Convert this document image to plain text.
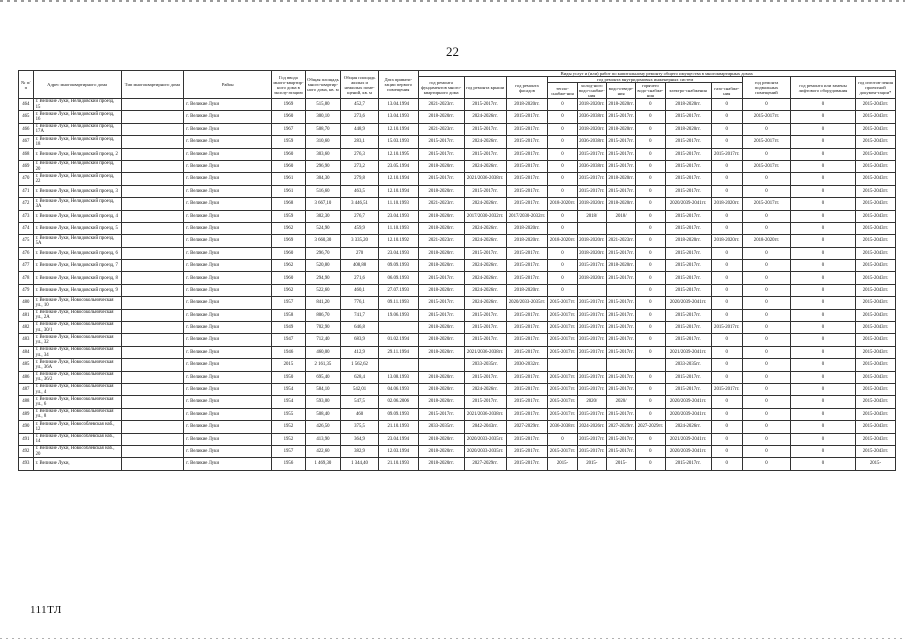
22
№ п/п	Адрес многоквартирного дома	Тип многоквартирного дома	Район	Год ввода много-квартир-ного дома в эксплу-атацию	Общая площадь много-квартир-ного дома, кв. м	Общая площадь жилых и нежилых поме-щений, кв. м	Дата привати-зации первого помещения	Виды услуг и (или) работ по капитальному ремонту общего имущества в многоквартирных домах											
								год ремонта фундаментов много-квартирного дома	год ремонта крыши	год ремонта фасадов	год ремонта внутридомовых инженерных систем						год ремонта подвальных помещений	год ремонта или замены лифтового оборудования	год изготов-ления проектной докумен-тации*
											тепло-снабже-ния	холод-ного водо-снабже-ния	водо-отведе-ния	горячего водо-снабже-ния	электро-снабжения	газо-снабже-ния			
464	г. Великие Луки, Нелидовский проезд, 15		г. Великие Луки	1969	515,80	452,7	13.04.1994	2021-2023гг.	2015-2017гг.	2018-2020гг.	0	2018-2020гг.	2018-2020гг.	0	2018-2020гг.	0	0	0	2015-2043гг.
465	г. Великие Луки, Нелидовский проезд, 16		г. Великие Луки	1960	300,10	273,6	13.04.1993	2018-2020гг.	2024-2026гг.	2015-2017гг.	0	2036-2038гг.	2015-2017гг.	0	2015-2017гг.	0	2015-2017гг.	0	2015-2043гг.
466	г. Великие Луки, Нелидовский проезд, 17А		г. Великие Луки	1967	508,70	448,9	12.10.1994	2021-2023гг.	2015-2017гг.	2015-2017гг.	0	2018-2020гг.	2018-2020гг.	0	2018-2020гг.	0	0	0	2015-2043гг.
467	г. Великие Луки, Нелидовский проезд, 18		г. Великие Луки	1959	310,60	283,1	15.03.1993	2015-2017гг.	2024-2026гг.	2015-2017гг.	0	2036-2038гг.	2015-2017гг.	0	2015-2017гг.	0	2015-2017гг.	0	2015-2043гг.
468	г. Великие Луки, Нелидовский проезд, 2		г. Великие Луки	1960	303,60	276,3	12.10.1995	2015-2017гг.	2015-2017гг.	2015-2017гг.	0	2015-2017гг.	2015-2017гг.	0	2015-2017гг.	2015-2017гг.	0	0	2015-2043гг.
469	г. Великие Луки, Нелидовский проезд, 20		г. Великие Луки	1960	296,90	273,2	23.05.1994	2018-2020гг.	2024-2026гг.	2015-2017гг.	0	2036-2038гг.	2015-2017гг.	0	2015-2017гг.	0	2015-2017гг.	0	2015-2043гг.
470	г. Великие Луки, Нелидовский проезд, 22		г. Великие Луки	1961	304,30	279,8	12.10.1994	2015-2017гг.	2021/2036-2038гг.	2015-2017гг.	0	2015-2017гг.	2018-2020гг.	0	2015-2017гг.	0	0	0	2015-2043гг.
471	г. Великие Луки, Нелидовский проезд, 3		г. Великие Луки	1961	516,60	463,5	12.10.1994	2018-2020гг.	2015-2017гг.	2015-2017гг.	0	2015-2017гг.	2015-2017гг.	0	2015-2017гг.	0	0	0	2015-2043гг.
472	г. Великие Луки, Нелидовский проезд, 3А		г. Великие Луки	1968	3 667,10	3 446,51	11.10.1993	2021-2023гг.	2024-2026гг.	2015-2017гг.	2018-2020гг.	2018-2020гг.	2018-2020гг.	0	2020/2039-2041гг.	2018-2020гг.	2015-2017гг.	0	2015-2043гг.
473	г. Великие Луки, Нелидовский проезд, 4		г. Великие Луки	1959	302,30	276,7	23.04.1993	2018-2020гг.	2017/2030-2032гг.	2017/2030-2032гг.	0	2018/	2018/	0	2015-2017гг.	0	0	0	2015-2043гг.
474	г. Великие Луки, Нелидовский проезд, 5		г. Великие Луки	1962	524,90	459,9	11.10.1993	2018-2020гг.	2024-2026гг.	2018-2020гг.	0			0	2015-2017гг.	0	0	0	2015-2043гг.
475	г. Великие Луки, Нелидовский проезд, 5А		г. Великие Луки	1969	3 660,30	3 335,20	12.10.1992	2021-2023гг.	2024-2026гг.	2018-2020гг.	2018-2020гг.	2018-2020гг.	2021-2023гг.	0	2018-2020гг.	2018-2020гг.	2018-2020гг.	0	2015-2043гг.
476	г. Великие Луки, Нелидовский проезд, 6		г. Великие Луки	1960	296,70	270	23.04.1993	2018-2020гг.	2015-2017гг.	2015-2017гг.	0	2018-2020гг.	2015-2017гг.	0	2015-2017гг.	0	0	0	2015-2043гг.
477	г. Великие Луки, Нелидовский проезд, 7		г. Великие Луки	1962	520,80	408,88	09.09.1993	2018-2020гг.	2024-2026гг.	2015-2017гг.	0	2015-2017гг.	2018-2020гг.	0	2015-2017гг.	0	0	0	2015-2043гг.
478	г. Великие Луки, Нелидовский проезд, 8		г. Великие Луки	1960	294,90	271,6	06.09.1993	2015-2017гг.	2024-2026гг.	2015-2017гг.	0	2018-2020гг.	2015-2017гг.	0	2015-2017гг.	0	0	0	2015-2043гг.
479	г. Великие Луки, Нелидовский проезд, 9		г. Великие Луки	1962	522,60	460,1	27.07.1993	2018-2020гг.	2024-2026гг.	2018-2020гг.	0			0	2015-2017гг.	0	0	0	2015-2043гг.
480	г. Великие Луки, Новосокольническая ул., 10		г. Великие Луки	1957	841,20	776,1	09.11.1993	2015-2017гг.	2024-2026гг.	2020/2033-2035гг.	2015-2017гг.	2015-2017гг.	2015-2017гг.	0	2020/2039-2041гг.	0	0	0	2015-2043гг.
481	г. Великие Луки, Новосокольническая ул., 2А		г. Великие Луки	1958	806,70	741,7	19.06.1993	2015-2017гг.	2015-2017гг.	2015-2017гг.	2015-2017гг.	2015-2017гг.	2015-2017гг.	0	2015-2017гг.	0	0	0	2015-2043гг.
482	г. Великие Луки, Новосокольническая ул., 30/1		г. Великие Луки	1949	702,90	646,8		2018-2020гг.	2015-2017гг.	2015-2017гг.	2015-2017гг.	2015-2017гг.	2015-2017гг.	0	2015-2017гг.	2015-2017гг.	0	0	2015-2043гг.
483	г. Великие Луки, Новосокольническая ул., 32		г. Великие Луки	1947	712,40	683,9	01.02.1994	2018-2020гг.	2015-2017гг.	2015-2017гг.	2015-2017гг.	2015-2017гг.	2015-2017гг.	0	2015-2017гг.	0	0	0	2015-2043гг.
484	г. Великие Луки, Новосокольническая ул., 34		г. Великие Луки	1946	460,00	412,9	29.11.1994	2018-2020гг.	2021/2036-2038гг.	2015-2017гг.	2015-2017гг.	2015-2017гг.	2015-2017гг.	0	2021/2039-2041гг.	0	0	0	2015-2043гг.
485	г. Великие Луки, Новосокольническая ул., 36А		г. Великие Луки	2015	2 161,35	1 562,62			2033-2035гг.	2030-2032гг.					2033-2035гг.	0	0	0	2015-2043гг.
486	г. Великие Луки, Новосокольническая ул., 36/2		г. Великие Луки	1950	695,40	628,4	13.08.1993	2018-2020гг.	2015-2017гг.	2015-2017гг.	2015-2017гг.	2015-2017гг.	2015-2017гг.	0	2015-2017гг.	0	0	0	2015-2043гг.
487	г. Великие Луки, Новосокольническая ул., 4		г. Великие Луки	1954	584,10	542,01	04.06.1993	2018-2020гг.	2024-2026гг.	2015-2017гг.	2015-2017гг.	2015-2017гг.	2015-2017гг.	0	2015-2017гг.	2015-2017гг.	0	0	2015-2043гг.
488	г. Великие Луки, Новосокольническая ул., 6		г. Великие Луки	1954	593,00	547,5	02.06.2006	2018-2020гг.	2015-2017гг.	2015-2017гг.	2015-2017гг.	2020/	2020/	0	2020/2039-2041гг.	0	0	0	2015-2043гг.
489	г. Великие Луки, Новосокольническая ул., 8		г. Великие Луки	1955	508,40	460	09.09.1993	2015-2017гг.	2021/2036-2038гг.	2015-2017гг.	2015-2017гг.	2015-2017гг.	2015-2017гг.	0	2020/2039-2041гг.	0	0	0	2015-2043гг.
490	г. Великие Луки, Новособлевская наб., 12		г. Великие Луки	1952	426,50	375,5	21.10.1993	2033-2035гг.	2042-2043гг.	2027-2029гг.	2036-2038гг.	2024-2026гг.	2027-2029гг.	2027-2029гг.	2024-2026гг.	0	0	0	2015-2043гг.
491	г. Великие Луки, Новособлевская наб., 14		г. Великие Луки	1952	413,90	364,9	23.04.1994	2018-2020гг.	2020/2033-2035гг.	2015-2017гг.	0	2015-2017гг.	2015-2017гг.	0	2021/2039-2041гг.	0	0	0	2015-2043гг.
492	г. Великие Луки, Новособлевская наб., 20		г. Великие Луки	1957	422,60	382,9	12.03.1994	2018-2020гг.	2020/2033-2035гг.	2015-2017гг.	2015-2017гг.	2015-2017гг.	2015-2017гг.	0	2020/2039-2041гг.	0	0	0	2015-2043гг.
493	г. Великие Луки,		г. Великие Луки	1956	1 469,30	1 344,40	21.10.1993	2018-2020гг.	2027-2029гг.	2015-2017гг.	2015-	2015-	2015-	0	2015-2017гг.	0	0	0	2015-
111ТЛ
